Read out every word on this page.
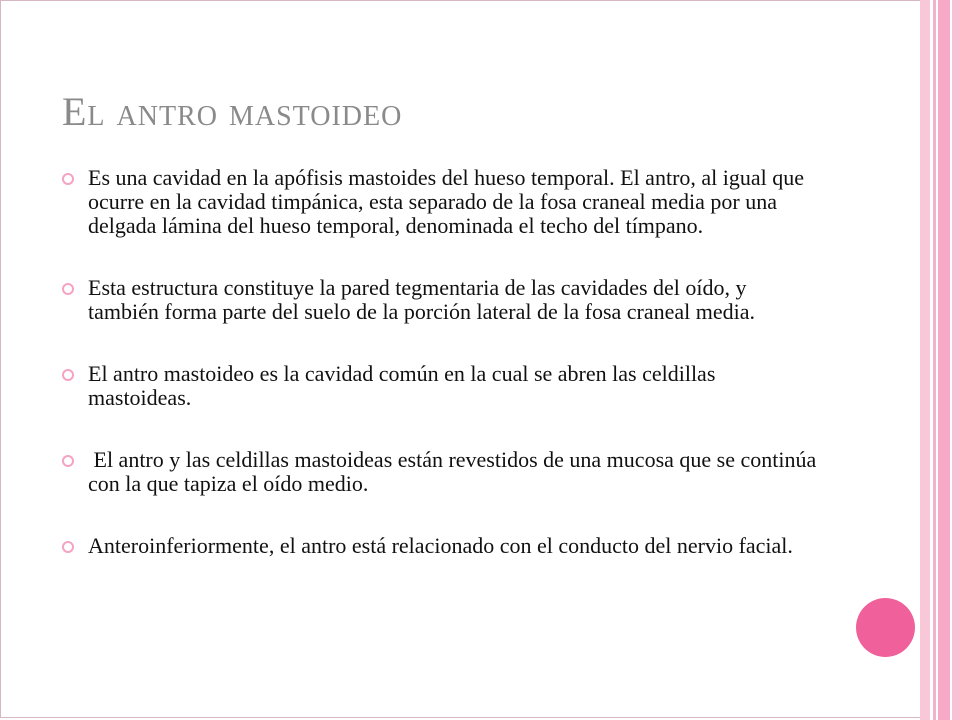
El antro mastoideo
Es una cavidad en la apófisis mastoides del hueso temporal. El antro, al igual que ocurre en la cavidad timpánica, esta separado de la fosa craneal media por una delgada lámina del hueso temporal, denominada el techo del tímpano.
Esta estructura constituye la pared tegmentaria de las cavidades del oído, y también forma parte del suelo de la porción lateral de la fosa craneal media.
El antro mastoideo es la cavidad común en la cual se abren las celdillas mastoideas.
El antro y las celdillas mastoideas están revestidos de una mucosa que se continúa con la que tapiza el oído medio.
Anteroinferiormente, el antro está relacionado con el conducto del nervio facial.
